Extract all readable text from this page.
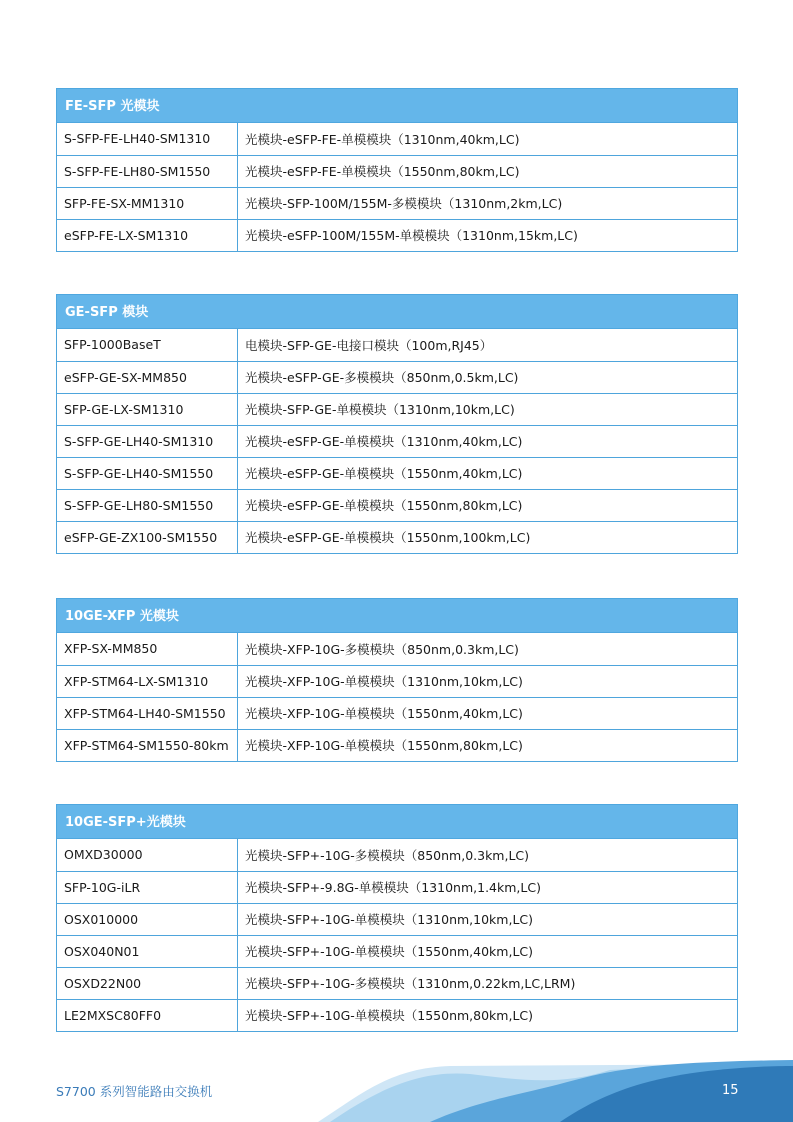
FE-SFP 光模块
S-SFP-FE-LH40-SM1310	光模块-eSFP-FE-单模模块（1310nm,40km,LC)
S-SFP-FE-LH80-SM1550	光模块-eSFP-FE-单模模块（1550nm,80km,LC)
SFP-FE-SX-MM1310	光模块-SFP-100M/155M-多模模块（1310nm,2km,LC)
eSFP-FE-LX-SM1310	光模块-eSFP-100M/155M-单模模块（1310nm,15km,LC)
GE-SFP 模块
SFP-1000BaseT	电模块-SFP-GE-电接口模块（100m,RJ45）
eSFP-GE-SX-MM850	光模块-eSFP-GE-多模模块（850nm,0.5km,LC)
SFP-GE-LX-SM1310	光模块-SFP-GE-单模模块（1310nm,10km,LC)
S-SFP-GE-LH40-SM1310	光模块-eSFP-GE-单模模块（1310nm,40km,LC)
S-SFP-GE-LH40-SM1550	光模块-eSFP-GE-单模模块（1550nm,40km,LC)
S-SFP-GE-LH80-SM1550	光模块-eSFP-GE-单模模块（1550nm,80km,LC)
eSFP-GE-ZX100-SM1550	光模块-eSFP-GE-单模模块（1550nm,100km,LC)
10GE-XFP 光模块
XFP-SX-MM850	光模块-XFP-10G-多模模块（850nm,0.3km,LC)
XFP-STM64-LX-SM1310	光模块-XFP-10G-单模模块（1310nm,10km,LC)
XFP-STM64-LH40-SM1550	光模块-XFP-10G-单模模块（1550nm,40km,LC)
XFP-STM64-SM1550-80km	光模块-XFP-10G-单模模块（1550nm,80km,LC)
10GE-SFP+光模块
OMXD30000	光模块-SFP+-10G-多模模块（850nm,0.3km,LC)
SFP-10G-iLR	光模块-SFP+-9.8G-单模模块（1310nm,1.4km,LC)
OSX010000	光模块-SFP+-10G-单模模块（1310nm,10km,LC)
OSX040N01	光模块-SFP+-10G-单模模块（1550nm,40km,LC)
OSXD22N00	光模块-SFP+-10G-多模模块（1310nm,0.22km,LC,LRM)
LE2MXSC80FF0	光模块-SFP+-10G-单模模块（1550nm,80km,LC)
S7700 系列智能路由交换机	15
